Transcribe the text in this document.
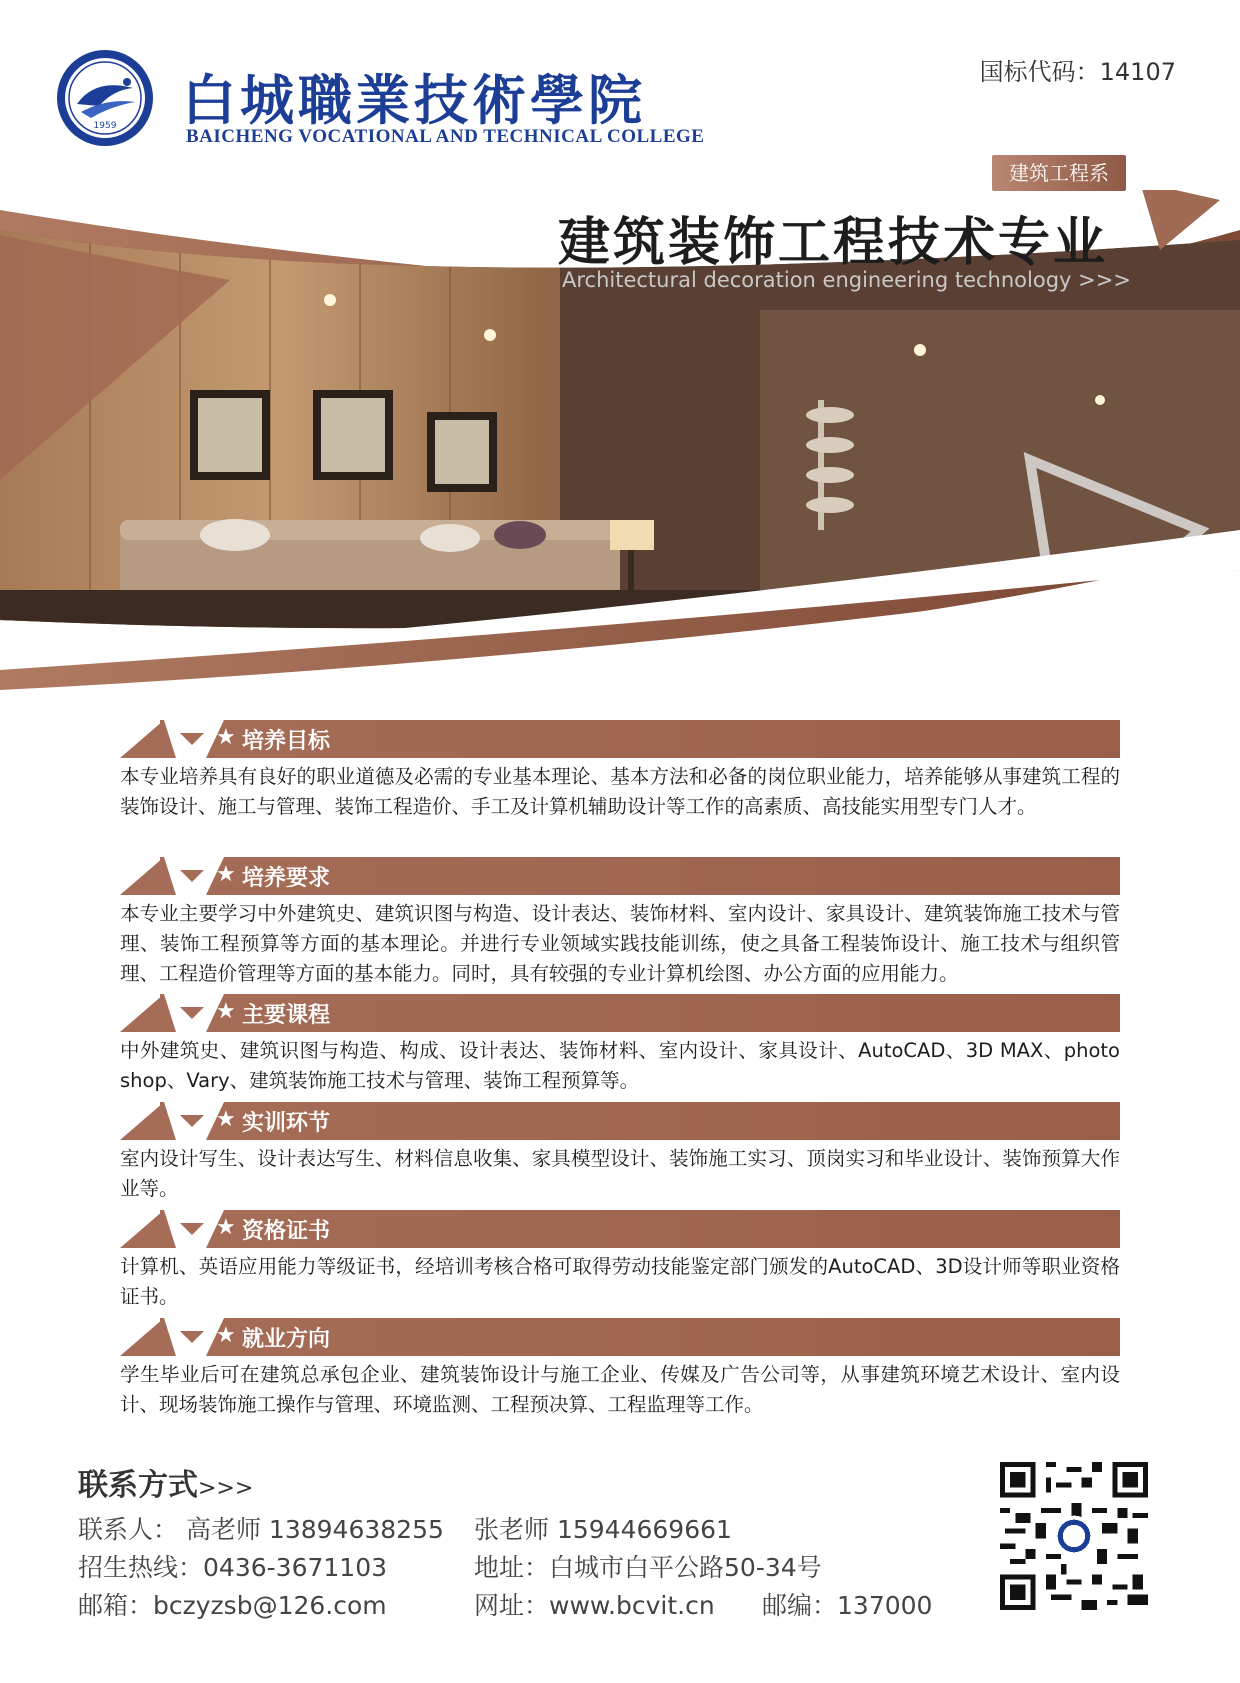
1959 白城職業技術學院
BAICHENG VOCATIONAL AND TECHNICAL COLLEGE
国标代码：14107
建筑工程系
建筑装饰工程技术专业
Architectural decoration engineering technology >>>
★ 培养目标
本专业培养具有良好的职业道德及必需的专业基本理论、基本方法和必备的岗位职业能力，培养能够从事建筑工程的装饰设计、施工与管理、装饰工程造价、手工及计算机辅助设计等工作的高素质、高技能实用型专门人才。
★ 培养要求
本专业主要学习中外建筑史、建筑识图与构造、设计表达、装饰材料、室内设计、家具设计、建筑装饰施工技术与管理、装饰工程预算等方面的基本理论。并进行专业领域实践技能训练，使之具备工程装饰设计、施工技术与组织管理、工程造价管理等方面的基本能力。同时，具有较强的专业计算机绘图、办公方面的应用能力。
★ 主要课程
中外建筑史、建筑识图与构造、构成、设计表达、装饰材料、室内设计、家具设计、AutoCAD、3D MAX、photo shop、Vary、建筑装饰施工技术与管理、装饰工程预算等。
★ 实训环节
室内设计写生、设计表达写生、材料信息收集、家具模型设计、装饰施工实习、顶岗实习和毕业设计、装饰预算大作业等。
★ 资格证书
计算机、英语应用能力等级证书，经培训考核合格可取得劳动技能鉴定部门颁发的AutoCAD、3D设计师等职业资格证书。
★ 就业方向
学生毕业后可在建筑总承包企业、建筑装饰设计与施工企业、传媒及广告公司等，从事建筑环境艺术设计、室内设计、现场装饰施工操作与管理、环境监测、工程预决算、工程监理等工作。
联系方式>>>
联系人： 高老师 13894638255 张老师 15944669661
招生热线：0436-3671103	地址：白城市白平公路50-34号
邮箱：bczyzsb@126.com	网址：www.bcvit.cn 邮编：137000
